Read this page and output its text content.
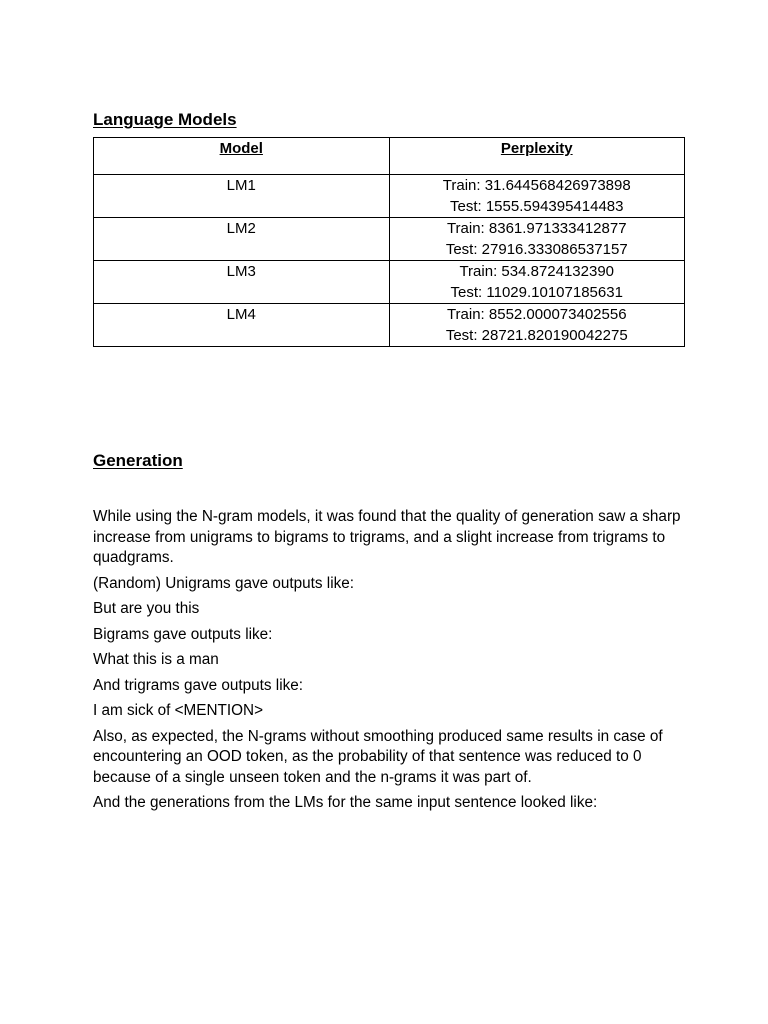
Language Models
Model	Perplexity
LM1	Train: 31.644568426973898
Test: 1555.594395414483

LM2	Train: 8361.971333412877
Test: 27916.333086537157

LM3	Train: 534.8724132390
Test: 11029.10107185631

LM4	Train: 8552.000073402556
Test: 28721.820190042275
Generation

While using the N-gram models, it was found that the quality of generation saw a sharp increase from unigrams to bigrams to trigrams, and a slight increase from trigrams to quadgrams.

(Random) Unigrams gave outputs like:

But are you this

Bigrams gave outputs like:

What this is a man

And trigrams gave outputs like:

I am sick of <MENTION>

Also, as expected, the N-grams without smoothing produced same results in case of encountering an OOD token, as the probability of that sentence was reduced to 0 because of a single unseen token and the n-grams it was part of.

And the generations from the LMs for the same input sentence looked like:
